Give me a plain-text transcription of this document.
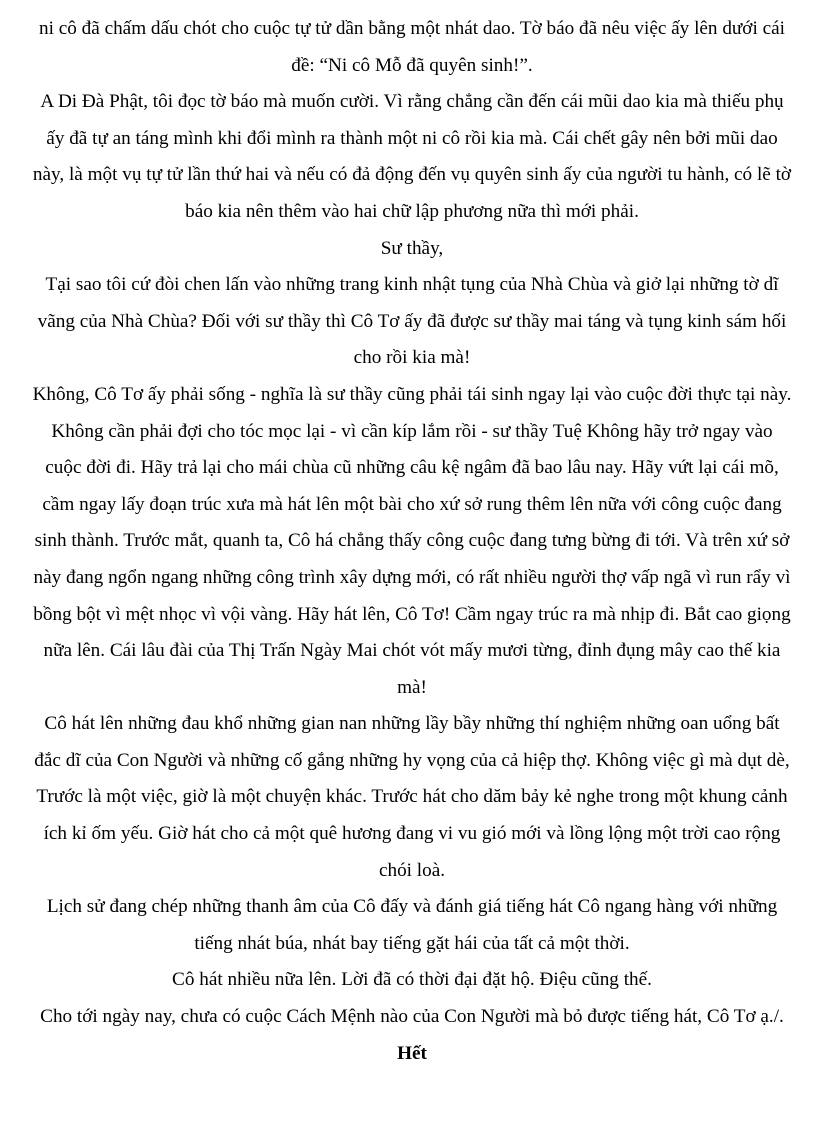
ni cô đã chấm dấu chót cho cuộc tự tử dần bằng một nhát dao. Tờ báo đã nêu việc ấy lên dưới cái đề: “Ni cô Mỗ đã quyên sinh!”.

A Di Đà Phật, tôi đọc tờ báo mà muốn cười. Vì rằng chẳng cần đến cái mũi dao kia mà thiếu phụ ấy đã tự an táng mình khi đổi mình ra thành một ni cô rồi kia mà. Cái chết gây nên bởi mũi dao này, là một vụ tự tử lần thứ hai và nếu có đả động đến vụ quyên sinh ấy của người tu hành, có lẽ tờ báo kia nên thêm vào hai chữ lập phương nữa thì mới phải.

Sư thầy,

Tại sao tôi cứ đòi chen lấn vào những trang kinh nhật tụng của Nhà Chùa và giở lại những tờ dĩ vãng của Nhà Chùa? Đối với sư thầy thì Cô Tơ ấy đã được sư thầy mai táng và tụng kinh sám hối cho rồi kia mà!

Không, Cô Tơ ấy phải sống - nghĩa là sư thầy cũng phải tái sinh ngay lại vào cuộc đời thực tại này. Không cần phải đợi cho tóc mọc lại - vì cần kíp lắm rồi - sư thầy Tuệ Không hãy trở ngay vào cuộc đời đi. Hãy trả lại cho mái chùa cũ những câu kệ ngâm đã bao lâu nay. Hãy vứt lại cái mõ, cầm ngay lấy đoạn trúc xưa mà hát lên một bài cho xứ sở rung thêm lên nữa với công cuộc đang sinh thành. Trước mắt, quanh ta, Cô há chẳng thấy công cuộc đang tưng bừng đi tới. Và trên xứ sở này đang ngổn ngang những công trình xây dựng mới, có rất nhiều người thợ vấp ngã vì run rẩy vì bồng bột vì mệt nhọc vì vội vàng. Hãy hát lên, Cô Tơ! Cầm ngay trúc ra mà nhịp đi. Bắt cao giọng nữa lên. Cái lâu đài của Thị Trấn Ngày Mai chót vót mấy mươi từng, đỉnh đụng mây cao thế kia mà!

Cô hát lên những đau khổ những gian nan những lầy bầy những thí nghiệm những oan uổng bất đắc dĩ của Con Người và những cố gắng những hy vọng của cả hiệp thợ. Không việc gì mà dụt dè, Trước là một việc, giờ là một chuyện khác. Trước hát cho dăm bảy kẻ nghe trong một khung cảnh ích kỉ ốm yếu. Giờ hát cho cả một quê hương đang vi vu gió mới và lồng lộng một trời cao rộng chói loà.

Lịch sử đang chép những thanh âm của Cô đấy và đánh giá tiếng hát Cô ngang hàng với những tiếng nhát búa, nhát bay tiếng gặt hái của tất cả một thời.

Cô hát nhiều nữa lên. Lời đã có thời đại đặt hộ. Điệu cũng thế.

Cho tới ngày nay, chưa có cuộc Cách Mệnh nào của Con Người mà bỏ được tiếng hát, Cô Tơ ạ./.

Hết
